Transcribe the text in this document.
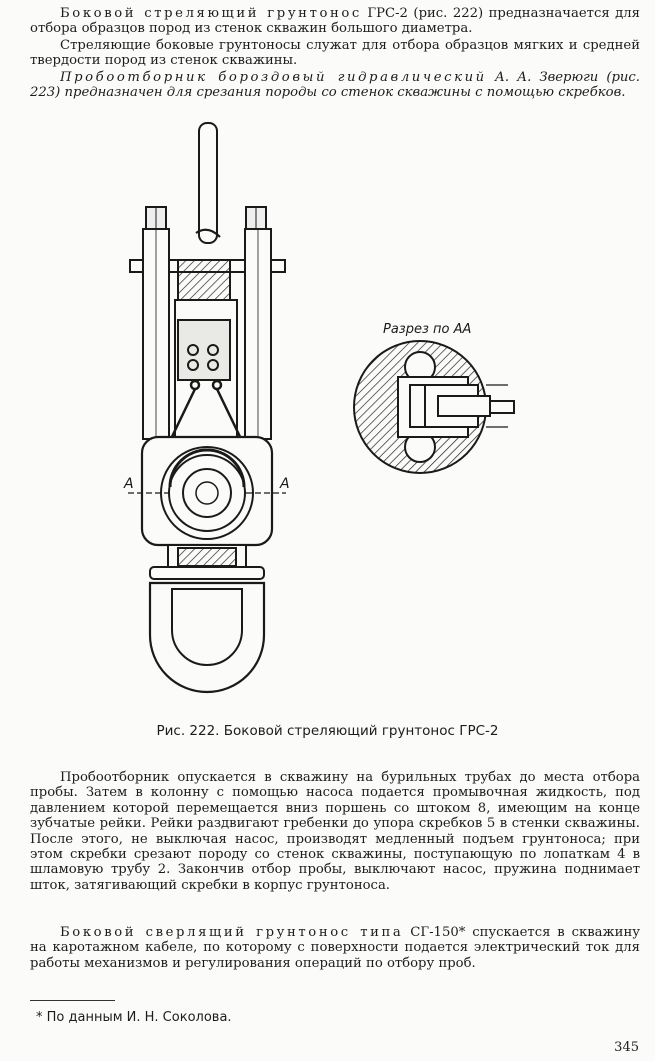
Боковой стреляющий грунтонос ГРС-2 (рис. 222) предназначается для отбора образцов пород из стенок скважин большого диаметра.

Стреляющие боковые грунтоносы служат для отбора образцов мягких и средней твердости пород из стенок скважины.

Пробоотборник бороздовый гидравлический А. А. Зверюги (рис. 223) предназначен для срезания породы со стенок скважины с помощью скребков.

A	A
Разрез по АА
Рис. 222. Боковой стреляющий грунтонос ГРС-2

Пробоотборник опускается в скважину на бурильных трубах до места отбора пробы. Затем в колонну с помощью насоса подается промывочная жидкость, под давлением которой перемещается вниз поршень со штоком 8, имеющим на конце зубчатые рейки. Рейки раздвигают гребенки до упора скребков 5 в стенки скважины. После этого, не выключая насос, производят медленный подъем грунтоноса; при этом скребки срезают породу со стенок скважины, поступающую по лопаткам 4 в шламовую трубу 2. Закончив отбор пробы, выключают насос, пружина поднимает шток, затягивающий скребки в корпус грунтоноса.

Боковой сверлящий грунтонос типа СГ-150* спускается в скважину на каротажном кабеле, по которому с поверхности подается электрический ток для работы механизмов и регулирования операций по отбору проб.

* По данным И. Н. Соколова.
345
